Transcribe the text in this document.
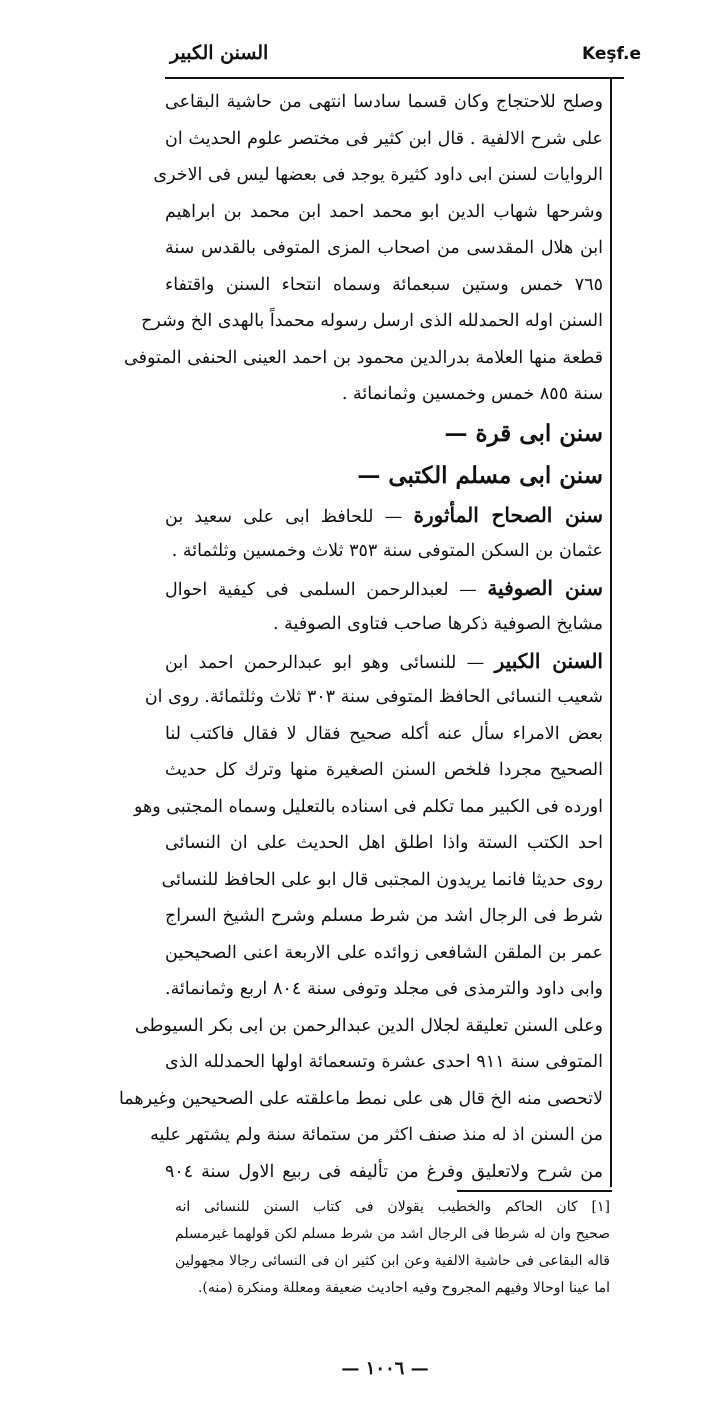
السنن الكبير	Keşf.e
وصلح للاحتجاج وكان قسما سادسا انتهى من حاشية البقاعى
على شرح الالفية . قال ابن كثير فى مختصر علوم الحديث ان
الروايات لسنن ابى داود كثيرة يوجد فى بعضها ليس فى الاخرى
وشرحها شهاب الدين ابو محمد احمد ابن محمد بن ابراهيم
ابن هلال المقدسى من اصحاب المزى المتوفى بالقدس سنة
٧٦٥ خمس وستين سبعمائة وسماه انتحاء السنن واقتفاء
السنن اوله الحمدلله الذى ارسل رسوله محمداً بالهدى الخ وشرح
قطعة منها العلامة بدرالدين محمود بن احمد العينى الحنفى المتوفى
سنة ٨٥٥ خمس وخمسين وثمانمائة .
سنن ابى قرة —
سنن ابى مسلم الكتبى —
سنن الصحاح المأثورة — للحافظ ابى على سعيد بن
عثمان بن السكن المتوفى سنة ٣٥٣ ثلاث وخمسين وثلثمائة .
سنن الصوفية — لعبدالرحمن السلمى فى كيفية احوال
مشايخ الصوفية ذكرها صاحب فتاوى الصوفية .
السنن الكبير — للنسائى وهو ابو عبدالرحمن احمد ابن
شعيب النسائى الحافظ المتوفى سنة ٣٠٣ ثلاث وثلثمائة. روى ان
بعض الامراء سأل عنه أكله صحيح فقال لا فقال فاكتب لنا
الصحيح مجردا فلخص السنن الصغيرة منها وترك كل حديث
اورده فى الكبير مما تكلم فى اسناده بالتعليل وسماه المجتبى وهو
احد الكتب الستة واذا اطلق اهل الحديث على ان النسائى
روى حديثا فانما يريدون المجتبى قال ابو على الحافظ للنسائى
شرط فى الرجال اشد من شرط مسلم وشرح الشيخ السراج
عمر بن الملقن الشافعى زوائده على الاربعة اعنى الصحيحين
وابى داود والترمذى فى مجلد وتوفى سنة ٨٠٤ اربع وثمانمائة.
وعلى السنن تعليقة لجلال الدين عبدالرحمن بن ابى بكر السيوطى
المتوفى سنة ٩١١ احدى عشرة وتسعمائة اولها الحمدلله الذى
لاتحصى منه الخ قال هى على نمط ماعلقته على الصحيحين وغيرهما
من السنن اذ له منذ صنف اكثر من ستمائة سنة ولم يشتهر عليه
من شرح ولاتعليق وفرغ من تأليفه فى ربيع الاول سنة ٩٠٤
[١] كان الحاكم والخطيب يقولان فى كتاب السنن للنسائى انه
صحيح وان له شرطا فى الرجال اشد من شرط مسلم لكن قولهما غيرمسلم
قاله البقاعى فى حاشية الالفية وعن ابن كثير ان فى النسائى رجالا مجهولين
اما عينا اوحالا وفيهم المجروح وفيه احاديث ضعيفة ومعللة ومنكرة (منه).
— ١٠٠٦ —
